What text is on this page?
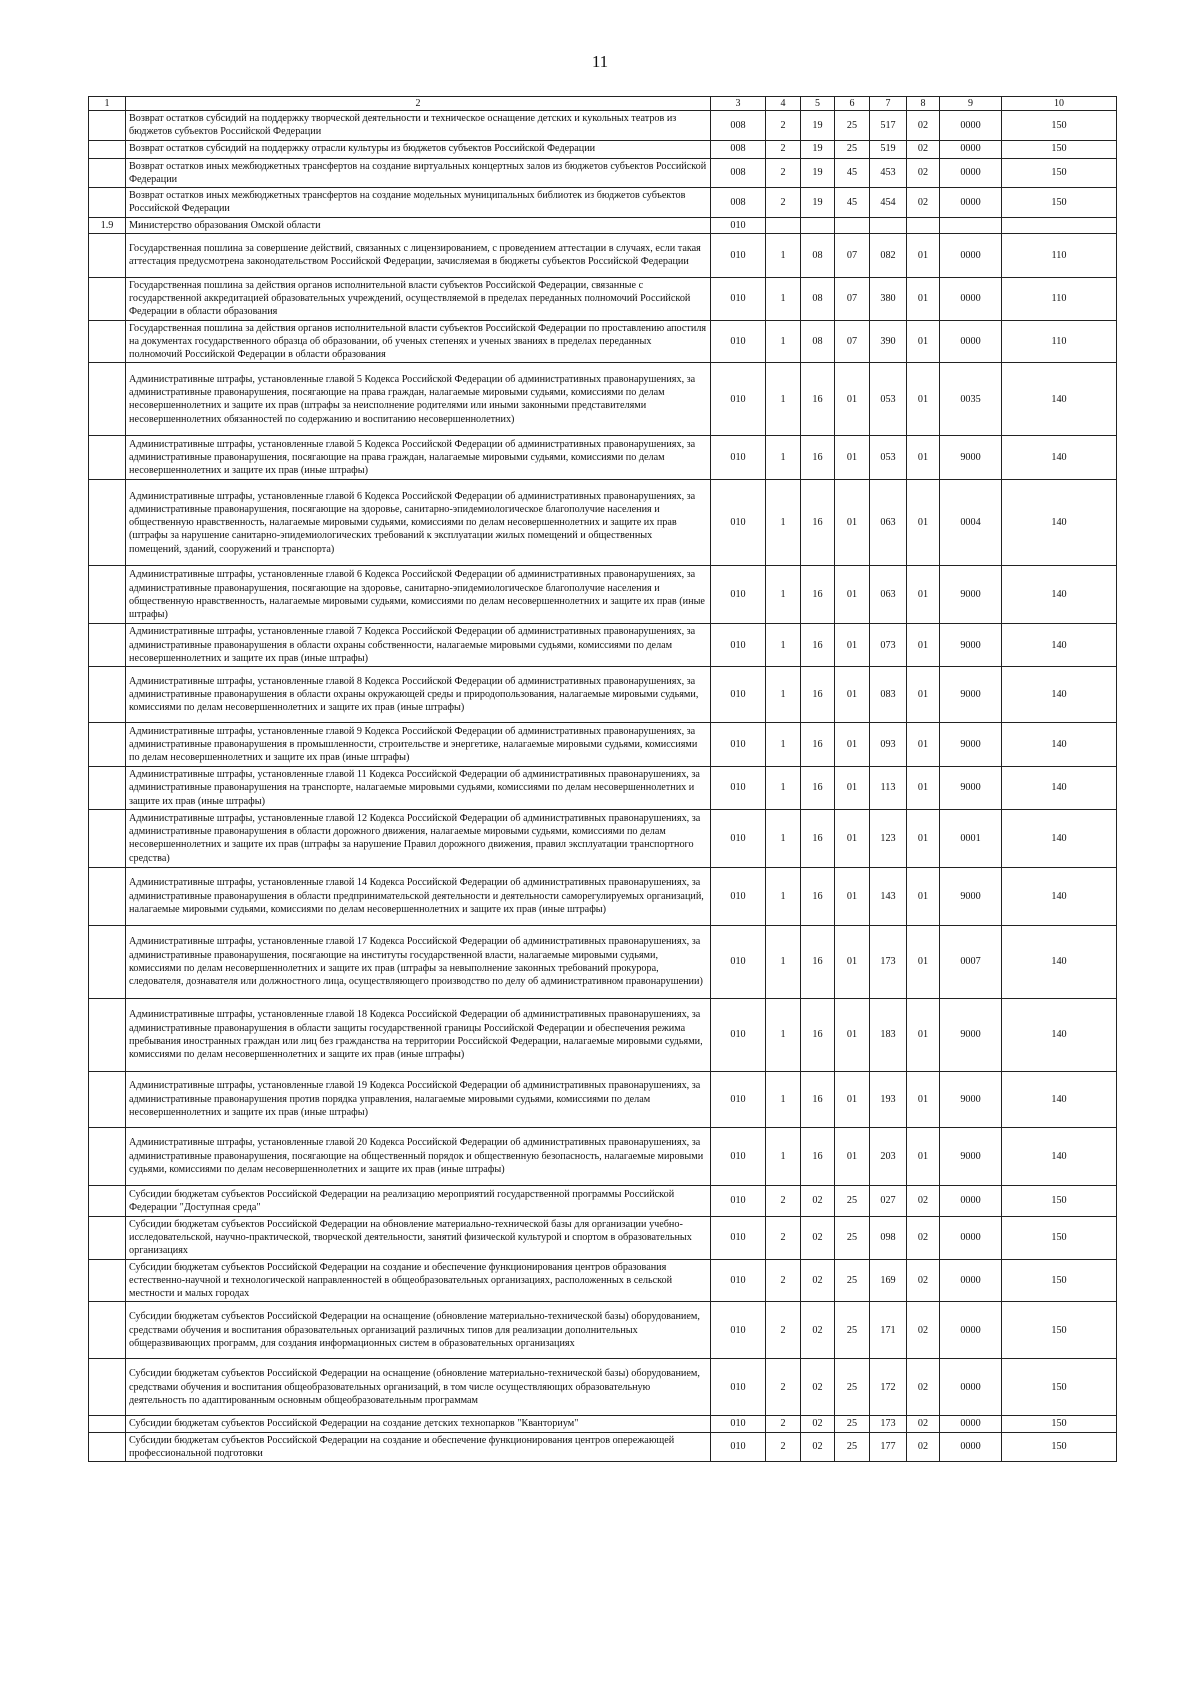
11
1	2	3	4	5	6	7	8	9	10
	Возврат остатков субсидий на поддержку творческой деятельности и техническое оснащение детских и кукольных театров из бюджетов субъектов Российской Федерации	008	2	19	25	517	02	0000	150
	Возврат остатков субсидий на поддержку отрасли культуры из бюджетов субъектов Российской Федерации	008	2	19	25	519	02	0000	150
	Возврат остатков иных межбюджетных трансфертов на создание виртуальных концертных залов из бюджетов субъектов Российской Федерации	008	2	19	45	453	02	0000	150
	Возврат остатков иных межбюджетных трансфертов на создание модельных муниципальных библиотек из бюджетов субъектов Российской Федерации	008	2	19	45	454	02	0000	150
1.9	Министерство образования Омской области	010							
	Государственная пошлина за совершение действий, связанных с лицензированием, с проведением аттестации в случаях, если такая аттестация предусмотрена законодательством Российской Федерации, зачисляемая в бюджеты субъектов Российской Федерации	010	1	08	07	082	01	0000	110
	Государственная пошлина за действия органов исполнительной власти субъектов Российской Федерации, связанные с государственной аккредитацией образовательных учреждений, осуществляемой в пределах переданных полномочий Российской Федерации в области образования	010	1	08	07	380	01	0000	110
	Государственная пошлина за действия органов исполнительной власти субъектов Российской Федерации по проставлению апостиля на документах государственного образца об образовании, об ученых степенях и ученых званиях в пределах переданных полномочий Российской Федерации в области образования	010	1	08	07	390	01	0000	110
	Административные штрафы, установленные главой 5 Кодекса Российской Федерации об административных правонарушениях, за административные правонарушения, посягающие на права граждан, налагаемые мировыми судьями, комиссиями по делам несовершеннолетних и защите их прав (штрафы за неисполнение родителями или иными законными представителями несовершеннолетних обязанностей по содержанию и воспитанию несовершеннолетних)	010	1	16	01	053	01	0035	140
	Административные штрафы, установленные главой 5 Кодекса Российской Федерации об административных правонарушениях, за административные правонарушения, посягающие на права граждан, налагаемые мировыми судьями, комиссиями по делам несовершеннолетних и защите их прав (иные штрафы)	010	1	16	01	053	01	9000	140
	Административные штрафы, установленные главой 6 Кодекса Российской Федерации об административных правонарушениях, за административные правонарушения, посягающие на здоровье, санитарно-эпидемиологическое благополучие населения и общественную нравственность, налагаемые мировыми судьями, комиссиями по делам несовершеннолетних и защите их прав (штрафы за нарушение санитарно-эпидемиологических требований к эксплуатации жилых помещений и общественных помещений, зданий, сооружений и транспорта)	010	1	16	01	063	01	0004	140
	Административные штрафы, установленные главой 6 Кодекса Российской Федерации об административных правонарушениях, за административные правонарушения, посягающие на здоровье, санитарно-эпидемиологическое благополучие населения и общественную нравственность, налагаемые мировыми судьями, комиссиями по делам несовершеннолетних и защите их прав (иные штрафы)	010	1	16	01	063	01	9000	140
	Административные штрафы, установленные главой 7 Кодекса Российской Федерации об административных правонарушениях, за административные правонарушения в области охраны собственности, налагаемые мировыми судьями, комиссиями по делам несовершеннолетних и защите их прав (иные штрафы)	010	1	16	01	073	01	9000	140
	Административные штрафы, установленные главой 8 Кодекса Российской Федерации об административных правонарушениях, за административные правонарушения в области охраны окружающей среды и природопользования, налагаемые мировыми судьями, комиссиями по делам несовершеннолетних и защите их прав (иные штрафы)	010	1	16	01	083	01	9000	140
	Административные штрафы, установленные главой 9 Кодекса Российской Федерации об административных правонарушениях, за административные правонарушения в промышленности, строительстве и энергетике, налагаемые мировыми судьями, комиссиями по делам несовершеннолетних и защите их прав (иные штрафы)	010	1	16	01	093	01	9000	140
	Административные штрафы, установленные главой 11 Кодекса Российской Федерации об административных правонарушениях, за административные правонарушения на транспорте, налагаемые мировыми судьями, комиссиями по делам несовершеннолетних и защите их прав (иные штрафы)	010	1	16	01	113	01	9000	140
	Административные штрафы, установленные главой 12 Кодекса Российской Федерации об административных правонарушениях, за административные правонарушения в области дорожного движения, налагаемые мировыми судьями, комиссиями по делам несовершеннолетних и защите их прав (штрафы за нарушение Правил дорожного движения, правил эксплуатации транспортного средства)	010	1	16	01	123	01	0001	140
	Административные штрафы, установленные главой 14 Кодекса Российской Федерации об административных правонарушениях, за административные правонарушения в области предпринимательской деятельности и деятельности саморегулируемых организаций, налагаемые мировыми судьями, комиссиями по делам несовершеннолетних и защите их прав (иные штрафы)	010	1	16	01	143	01	9000	140
	Административные штрафы, установленные главой 17 Кодекса Российской Федерации об административных правонарушениях, за административные правонарушения, посягающие на институты государственной власти, налагаемые мировыми судьями, комиссиями по делам несовершеннолетних и защите их прав (штрафы за невыполнение законных требований прокурора, следователя, дознавателя или должностного лица, осуществляющего производство по делу об административном правонарушении)	010	1	16	01	173	01	0007	140
	Административные штрафы, установленные главой 18 Кодекса Российской Федерации об административных правонарушениях, за административные правонарушения в области защиты государственной границы Российской Федерации и обеспечения режима пребывания иностранных граждан или лиц без гражданства на территории Российской Федерации, налагаемые мировыми судьями, комиссиями по делам несовершеннолетних и защите их прав (иные штрафы)	010	1	16	01	183	01	9000	140
	Административные штрафы, установленные главой 19 Кодекса Российской Федерации об административных правонарушениях, за административные правонарушения против порядка управления, налагаемые мировыми судьями, комиссиями по делам несовершеннолетних и защите их прав (иные штрафы)	010	1	16	01	193	01	9000	140
	Административные штрафы, установленные главой 20 Кодекса Российской Федерации об административных правонарушениях, за административные правонарушения, посягающие на общественный порядок и общественную безопасность, налагаемые мировыми судьями, комиссиями по делам несовершеннолетних и защите их прав (иные штрафы)	010	1	16	01	203	01	9000	140
	Субсидии бюджетам субъектов Российской Федерации на реализацию мероприятий государственной программы Российской Федерации "Доступная среда"	010	2	02	25	027	02	0000	150
	Субсидии бюджетам субъектов Российской Федерации на обновление материально-технической базы для организации учебно-исследовательской, научно-практической, творческой деятельности, занятий физической культурой и спортом в образовательных организациях	010	2	02	25	098	02	0000	150
	Субсидии бюджетам субъектов Российской Федерации на создание и обеспечение функционирования центров образования естественно-научной и технологической направленностей в общеобразовательных организациях, расположенных в сельской местности и малых городах	010	2	02	25	169	02	0000	150
	Субсидии бюджетам субъектов Российской Федерации на оснащение (обновление материально-технической базы) оборудованием, средствами обучения и воспитания образовательных организаций различных типов для реализации дополнительных общеразвивающих программ, для создания информационных систем в образовательных организациях	010	2	02	25	171	02	0000	150
	Субсидии бюджетам субъектов Российской Федерации на оснащение (обновление материально-технической базы) оборудованием, средствами обучения и воспитания общеобразовательных организаций, в том числе осуществляющих образовательную деятельность по адаптированным основным общеобразовательным программам	010	2	02	25	172	02	0000	150
	Субсидии бюджетам субъектов Российской Федерации на создание детских технопарков "Кванториум"	010	2	02	25	173	02	0000	150
	Субсидии бюджетам субъектов Российской Федерации на создание и обеспечение функционирования центров опережающей профессиональной подготовки	010	2	02	25	177	02	0000	150
